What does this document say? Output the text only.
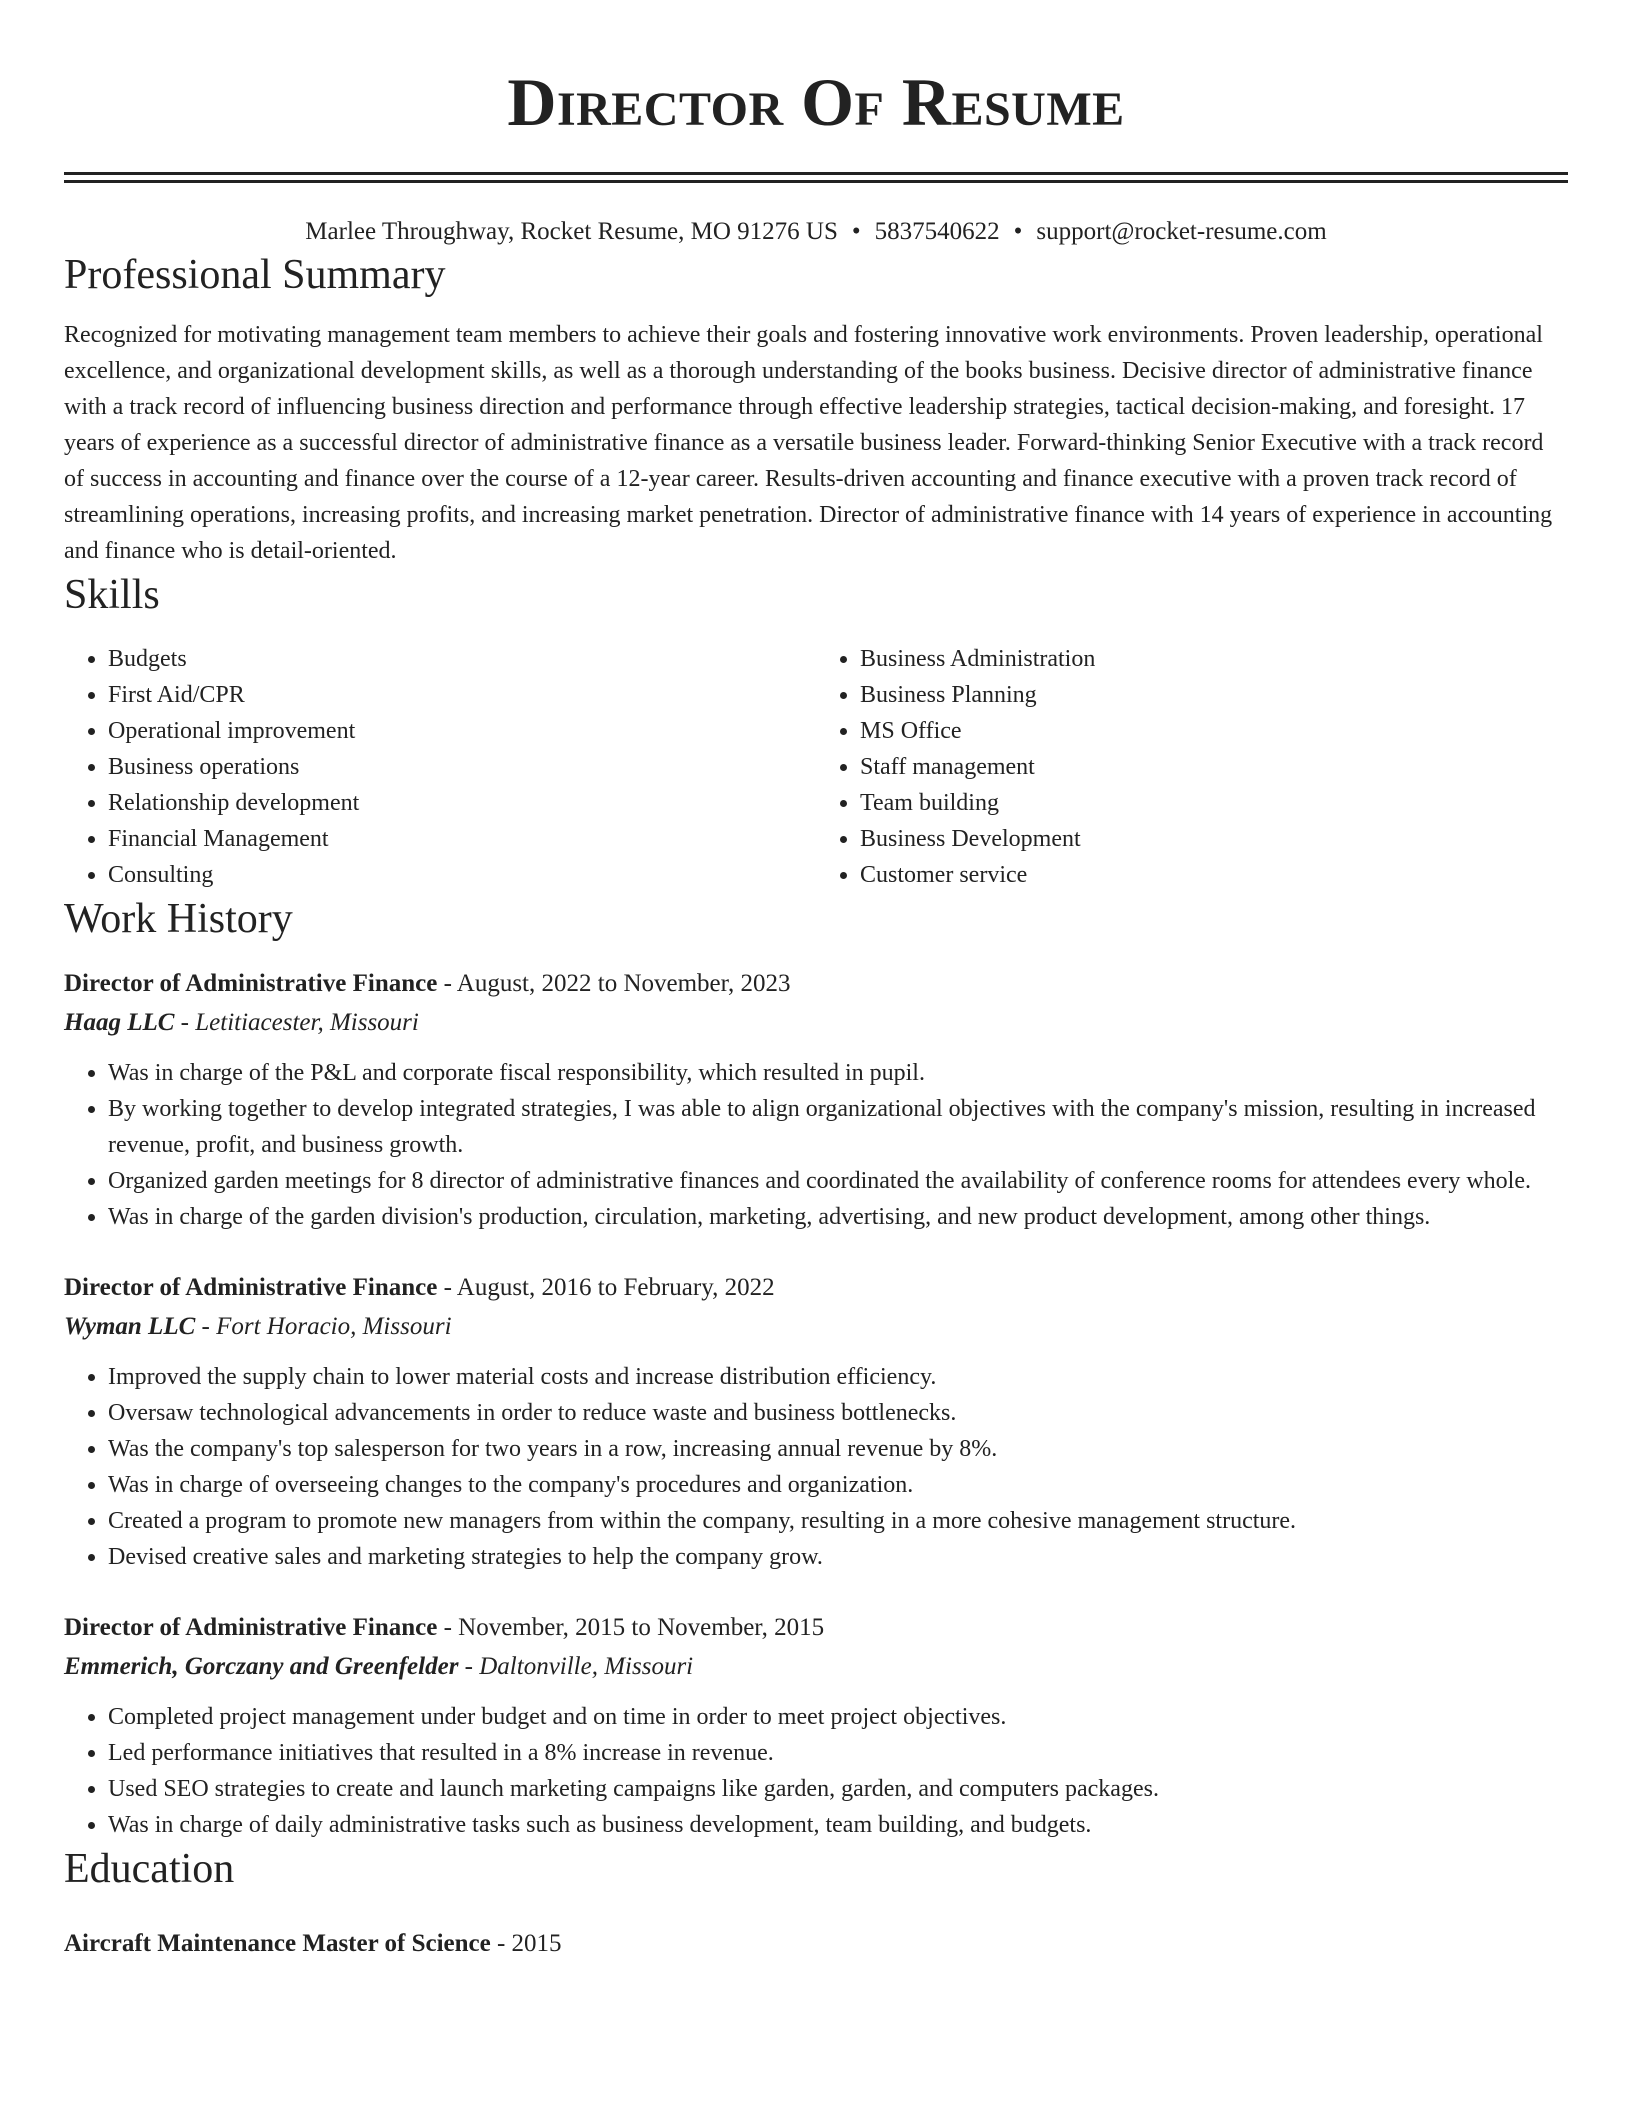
Director Of Resume
Marlee Throughway, Rocket Resume, MO 91276 US • 5837540622 • support@rocket-resume.com
Professional Summary

Recognized for motivating management team members to achieve their goals and fostering innovative work environments. Proven leadership, operational excellence, and organizational development skills, as well as a thorough understanding of the books business. Decisive director of administrative finance with a track record of influencing business direction and performance through effective leadership strategies, tactical decision-making, and foresight. 17 years of experience as a successful director of administrative finance as a versatile business leader. Forward-thinking Senior Executive with a track record of success in accounting and finance over the course of a 12-year career. Results-driven accounting and finance executive with a proven track record of streamlining operations, increasing profits, and increasing market penetration. Director of administrative finance with 14 years of experience in accounting and finance who is detail-oriented.

Skills
• Budgets
• First Aid/CPR
• Operational improvement
• Business operations
• Relationship development
• Financial Management
• Consulting
• Business Administration
• Business Planning
• MS Office
• Staff management
• Team building
• Business Development
• Customer service
Work History
Director of Administrative Finance - August, 2022 to November, 2023
Haag LLC - Letitiacester, Missouri
• Was in charge of the P&L and corporate fiscal responsibility, which resulted in pupil.
• By working together to develop integrated strategies, I was able to align organizational objectives with the company's mission, resulting in increased revenue, profit, and business growth.
• Organized garden meetings for 8 director of administrative finances and coordinated the availability of conference rooms for attendees every whole.
• Was in charge of the garden division's production, circulation, marketing, advertising, and new product development, among other things.
Director of Administrative Finance - August, 2016 to February, 2022
Wyman LLC - Fort Horacio, Missouri
• Improved the supply chain to lower material costs and increase distribution efficiency.
• Oversaw technological advancements in order to reduce waste and business bottlenecks.
• Was the company's top salesperson for two years in a row, increasing annual revenue by 8%.
• Was in charge of overseeing changes to the company's procedures and organization.
• Created a program to promote new managers from within the company, resulting in a more cohesive management structure.
• Devised creative sales and marketing strategies to help the company grow.
Director of Administrative Finance - November, 2015 to November, 2015
Emmerich, Gorczany and Greenfelder - Daltonville, Missouri
• Completed project management under budget and on time in order to meet project objectives.
• Led performance initiatives that resulted in a 8% increase in revenue.
• Used SEO strategies to create and launch marketing campaigns like garden, garden, and computers packages.
• Was in charge of daily administrative tasks such as business development, team building, and budgets.
Education
Aircraft Maintenance Master of Science - 2015
